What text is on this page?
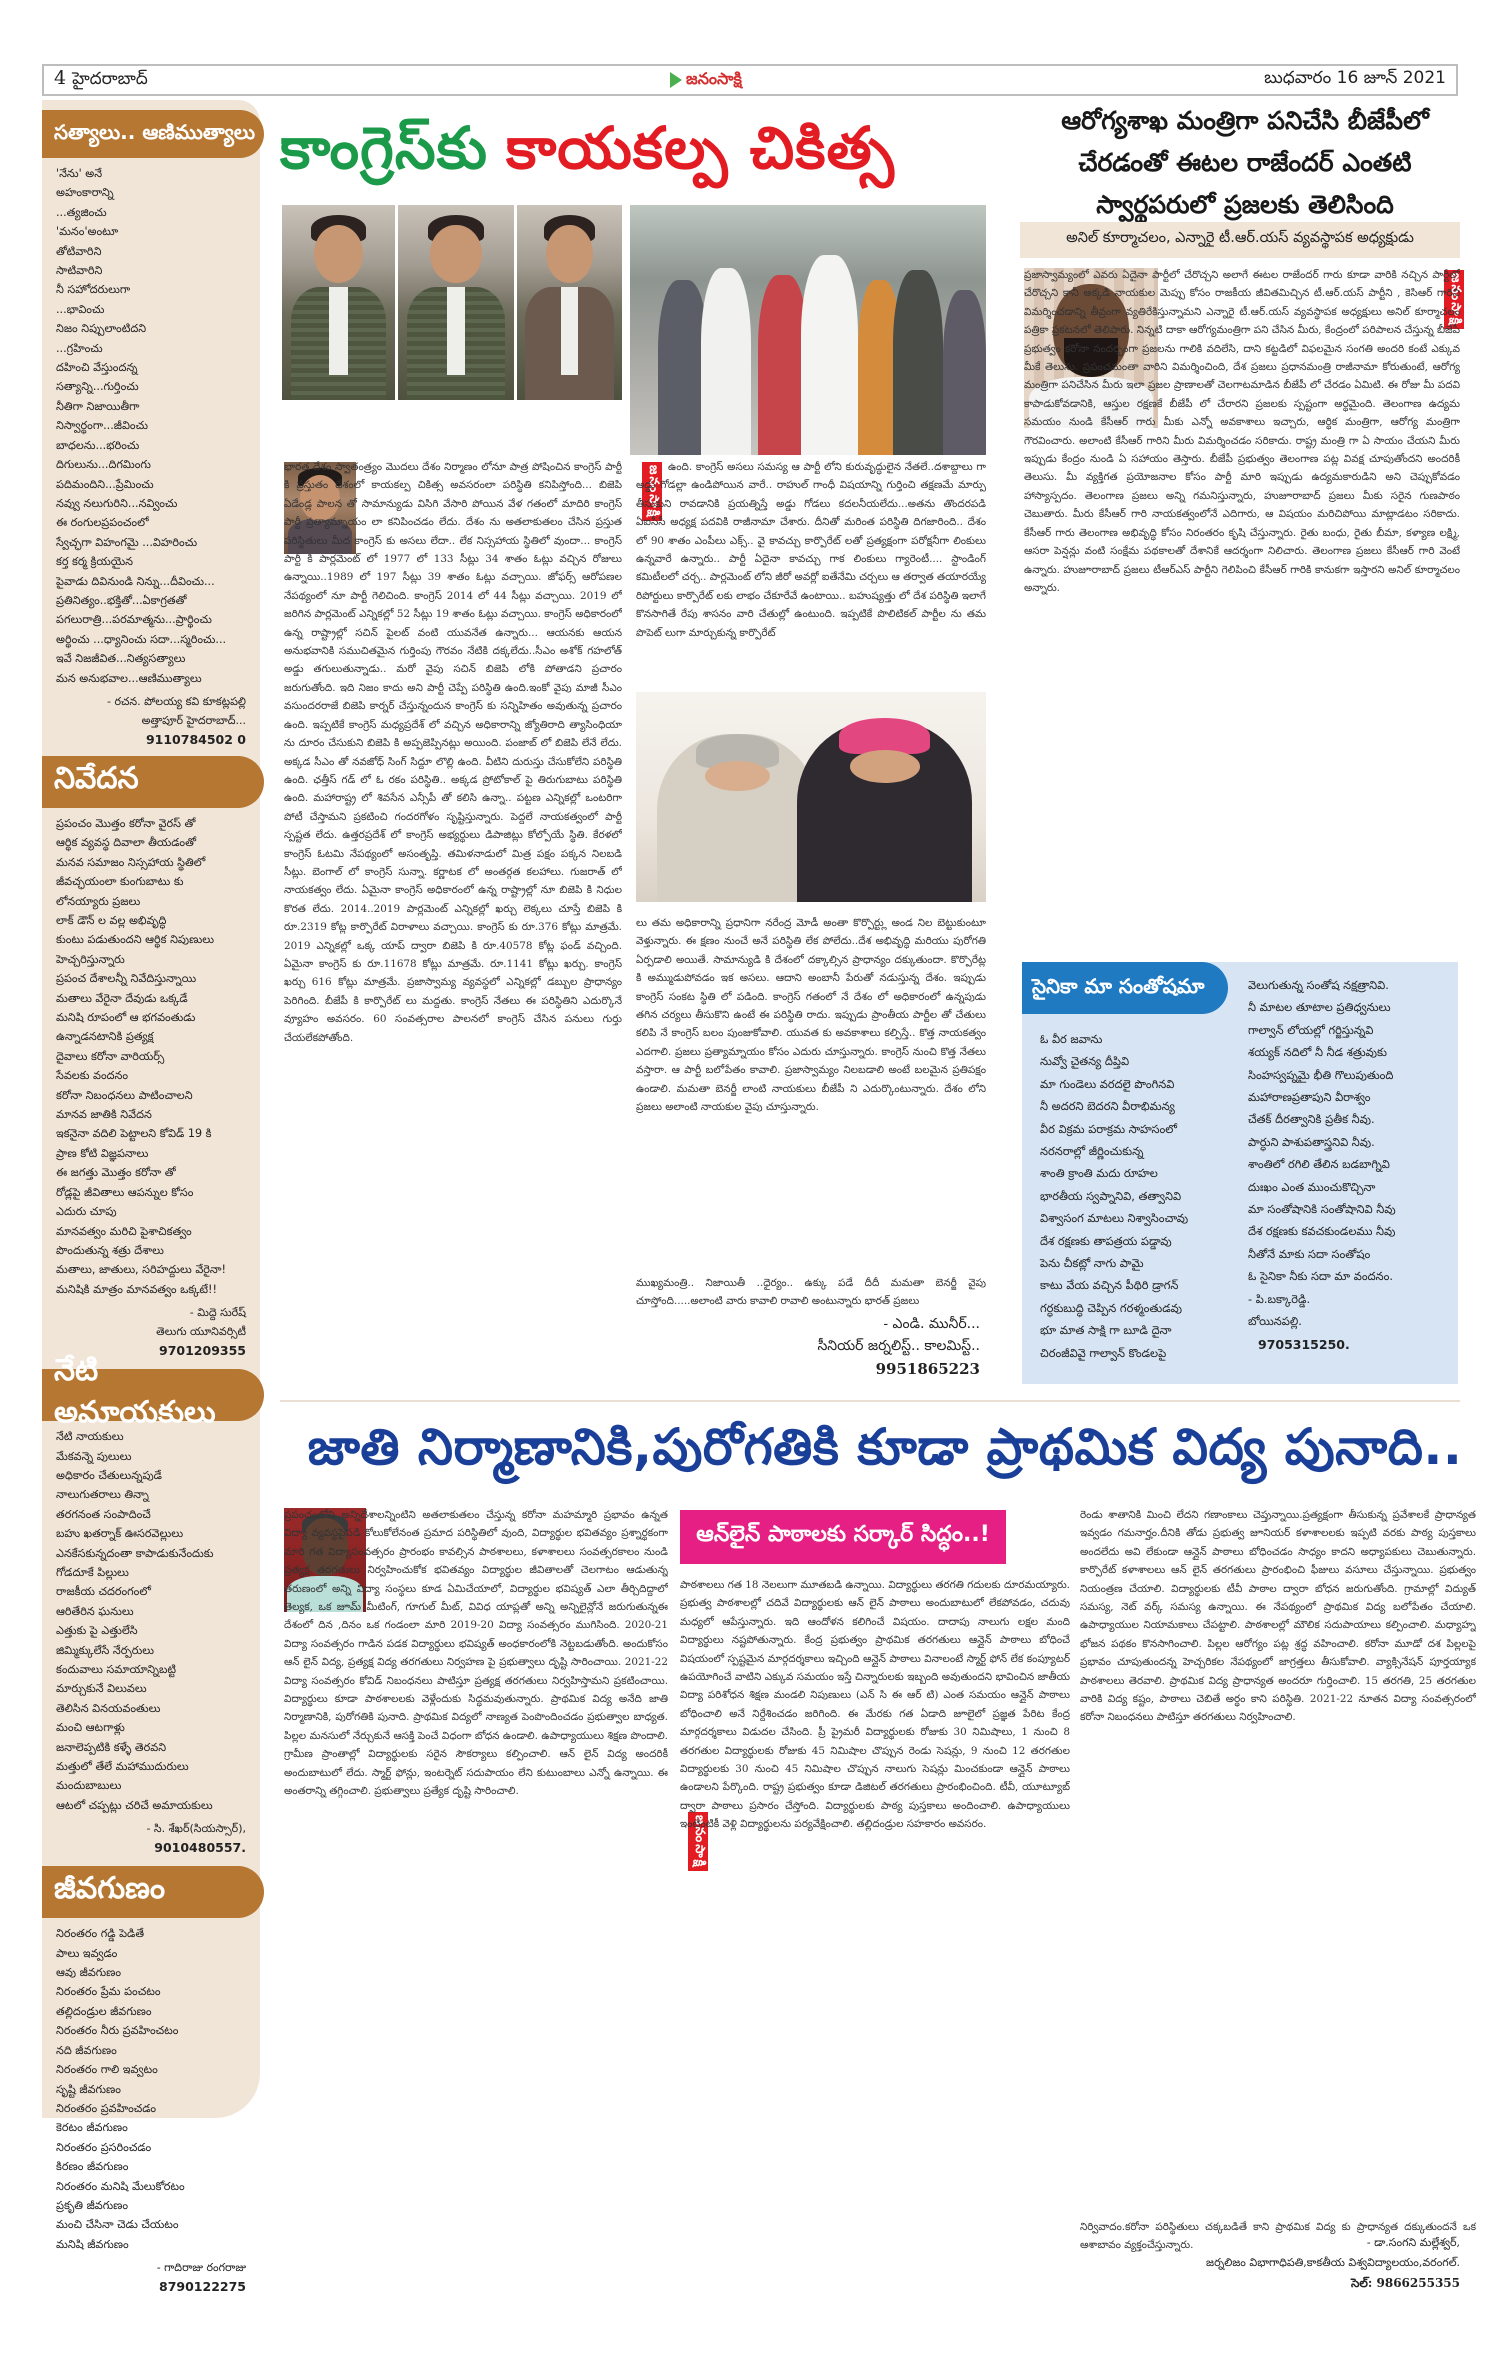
4 హైదరాబాద్	జనంసాక్షి	బుధవారం 16 జూన్ 2021
సత్యాలు.. ఆణిముత్యాలు
'నేను' అనే
అహంకారాన్ని
...త్యజించు
'మనం'అంటూ
తోటివారిని
సాటివారిని
నీ సహోదరులుగా
...భావించు
నిజం నిప్పులాంటిదని
...గ్రహించు
దహించి వేస్తుందన్న
సత్యాన్ని...గుర్తించు
నీతిగా నిజాయితీగా
నిస్వార్థంగా...జీవించు
బాధలను...భరించు
దిగులును...దిగమింగు
పదిమందిని...ప్రేమించు
నవ్వు నలుగురిని...నవ్వించు
ఈ రంగులప్రపంచంలో
స్వేచ్ఛగా విహంగమై ...విహరించు
కర్త కర్మ క్రియయైన
పైవాడు దివినుండి నిన్ను...దీవించు...
ప్రతినిత్యం..భక్తితో...ఏకాగ్రతతో
పగలురాత్రి...పరమాత్మను...ప్రార్థించు
అర్థించు ...ధ్యానించు సదా...స్మరించు...
ఇవే నిజజీవిత...నిత్యసత్యాలు
మన అనుభవాల...ఆణిముత్యాలు
- రచన. పోలయ్య కవి కూకట్లపల్లి
అత్తాపూర్ హైదరాబాద్...
9110784502 0
నివేదన
ప్రపంచం మొత్తం కరోనా వైరస్ తో
ఆర్థిక వ్యవస్థ దివాలా తీయడంతో
మనవ సమాజం నిస్సహాయ స్థితిలో
జీవచ్ఛయంలా కుంగుబాటు కు
లోనయ్యారు ప్రజలు
లాక్ డౌన్ ల వల్ల అభివృద్ధి
కుంటు పడుతుందని ఆర్థిక నిపుణులు
హెచ్చరిస్తున్నారు
ప్రపంచ దేశాలన్నీ నివేదిస్తున్నాయి
మతాలు వేరైనా దేవుడు ఒక్కడే
మనిషి రూపంలో ఆ భగవంతుడు
ఉన్నాడనటానికి ప్రత్యక్ష
దైవాలు కరోనా వారియర్స్
సేవలకు వందనం
కరోనా నిబంధనలు పాటించాలని
మానవ జాతికి నివేదన
ఇకనైనా వదిలి పెట్టాలని కోవిడ్ 19 కి
ప్రాణ కోటి విజ్ఞపనాలు
ఈ జగత్తు మొత్తం కరోనా తో
రోడ్లపై జీవితాలు ఆపన్నుల కోసం
ఎదురు చూపు
మానవత్వం మరిచి పైశాచికత్వం
పొందుతున్న శత్రు దేశాలు
మతాలు, జాతులు, సరిహద్దులు వేరైనా!
మనిషికి మాత్రం మానవత్వం ఒక్కటే!!
- మిద్దె సురేష్
తెలుగు యూనివర్సిటీ
9701209355
నేటి అమాయకులు
నేటి నాయకులు
మేకవన్నె పులులు
అధికారం చేతులున్నపుడే
నాలుగుతరాలు తిన్నా
తరగనంత సంపాదించే
బహు ఖతర్నాక్ ఊసరవెల్లులు
ఎనకేసకున్నదంతా కాపాడుకునేందుకు
గోడదూకే పిల్లులు
రాజకీయ చదరంగంలో
ఆరితేరిన ఘనులు
ఎత్తుకు పై ఎత్తులేసి
జిమ్మిక్కులేసే నేర్పరులు
కందువాలు సమాయాన్నిబట్టి
మార్చుకునే విలువలు
తెలిసిన వినయవంతులు
మంచి ఆటగాళ్లు
జనాలెప్పటికి కళ్ళే తెరవని
మత్తులో తేలే మహాముదురులు
మందుబాబులు
ఆటలో చప్పట్లు చరిచే అమాయకులు
- సి. శేఖర్(సియస్సార్),
9010480557.
జీవగుణం
నిరంతరం గడ్డి పెడితే
పాలు ఇవ్వడం
ఆవు జీవగుణం
నిరంతరం ప్రేమ పంచటం
తల్లిదండ్రుల జీవగుణం
నిరంతరం నీరు ప్రవహించటం
నది జీవగుణం
నిరంతరం గాలి ఇవ్వటం
సృష్టి జీవగుణం
నిరంతరం ప్రవహించడం
కెరటం జీవగుణం
నిరంతరం ప్రసరించడం
కిరణం జీవగుణం
నిరంతరం మనిషి మేలుకోరటం
ప్రకృతి జీవగుణం
మంచి చేసినా చెడు చేయటం
మనిషి జీవగుణం
- గాదిరాజు రంగరాజు
8790122275
కాంగ్రెస్‌కు కాయకల్ప చికిత్స
భారత దేశం స్వాతంత్ర్యం మొదలు దేశం నిర్మాణం లోనూ పాత్ర పోషించిన కాంగ్రెస్ పార్టీ కి ప్రస్తుతం దేశంలో కాయకల్ప చికిత్స అవసరంలా పరిస్థితి కనిపిస్తోంది... బిజెపి ఏడేండ్ల పాలన తో సామాన్యుడు విసిగి వేసారి పోయిన వేళ గతంలో మాదిరి కాంగ్రెస్ పార్టీ ప్రత్యామ్నాయం లా కనిపించడం లేదు. దేశం ను అతలాకుతలం చేసిన ప్రస్తుత పరిస్థితులు మీద కాంగ్రెస్ కు అసలు లేదా.. లేక నిస్సహాయ స్థితిలో వుందా... కాంగ్రెస్ పార్టీ కి పార్లమెంట్ లో 1977 లో 133 సీట్లు 34 శాతం ఓట్లు వచ్చిన రోజులు ఉన్నాయి..1989 లో 197 సీట్లు 39 శాతం ఓట్లు వచ్చాయి. జోఫర్స్ ఆరోపణల నేపథ్యంలో నూ పార్టీ గెలిచింది. కాంగ్రెస్ 2014 లో 44 సీట్లు వచ్చాయి. 2019 లో జరిగిన పార్లమెంట్ ఎన్నికల్లో 52 సీట్లు 19 శాతం ఓట్లు వచ్చాయి. కాంగ్రెస్ అధికారంలో ఉన్న రాష్ట్రాల్లో సచిన్ పైలట్ వంటి యువనేత ఉన్నారు... ఆయనకు ఆయన అనుభవానికి సముచితమైన గుర్తింపు గౌరవం నేటికి దక్కలేదు..సీఎం అశోక్ గహలోత్ అడ్డు తగులుతున్నాడు.. మరో వైపు సచిన్ బిజెపి లోకి పోతాడని ప్రచారం జరుగుతోంది. ఇది నిజం కాదు అని పార్టీ చెప్పే పరిస్థితి ఉంది.ఇంకో వైపు మాజీ సీఎం వసుందరరాజే బిజెపి కార్నర్ చేస్తున్నందున కాంగ్రెస్ కు సన్నిహితం అవుతున్న ప్రచారం ఉంది. ఇప్పటికే కాంగ్రెస్ మధ్యప్రదేశ్ లో వచ్చిన అధికారాన్ని జ్యోతిరాది త్యాసింధియా ను దూరం చేసుకుని బిజెపి కి అప్పజెప్పినట్లు అయింది. పంజాబ్ లో బిజెపి లేనే లేదు. అక్కడ సీఎం తో నవజోధ్ సింగ్ సిద్దూ లొల్లి ఉంది. వీటిని దురుస్తు చేసుకోలేని పరిస్థితి ఉంది. ఛత్తీస్ గడ్ లో ఓ రకం పరిస్థితి.. అక్కడ ప్రోటోకాల్ పై తిరుగుబాటు పరిస్థితి ఉంది. మహారాష్ట్ర లో శివసేన ఎన్సీపీ తో కలిసి ఉన్నా.. పట్టణ ఎన్నికల్లో ఒంటరిగా పోటీ చేస్తామని ప్రకటించి గందరగోళం సృష్టిస్తున్నారు. పెద్దలే నాయకత్వంలో పార్టీ స్పష్టత లేదు. ఉత్తరప్రదేశ్ లో కాంగ్రెస్ అభ్యర్థులు డిపాజిట్లు కోల్పోయే స్థితి. కేరళలో కాంగ్రెస్ ఓటమి నేపథ్యంలో అసంతృప్తి. తమిళనాడులో మిత్ర పక్షం పక్కన నిలబడి సీట్లు. బెంగాల్ లో కాంగ్రెస్ సున్నా. కర్ణాటక లో అంతర్గత కలహాలు. గుజరాత్ లో నాయకత్వం లేదు. ఏమైనా కాంగ్రెస్ అధికారంలో ఉన్న రాష్ట్రాల్లో నూ బిజెపి కి నిధుల కొరత లేదు. 2014..2019 పార్లమెంట్ ఎన్నికల్లో ఖర్చు లెక్కలు చూస్తే బిజెపి కి రూ.2319 కోట్ల కార్పొరేట్ విరాళాలు వచ్చాయి. కాంగ్రెస్ కు రూ.376 కోట్లు మాత్రమే. 2019 ఎన్నికల్లో ఒక్క యాప్ ద్వారా బిజెపి కి రూ.40578 కోట్ల ఫండ్ వచ్చింది. ఏమైనా కాంగ్రెస్ కు రూ.11678 కోట్లు మాత్రమే. రూ.1141 కోట్లు ఖర్చు. కాంగ్రెస్ ఖర్చు 616 కోట్లు మాత్రమే. ప్రజాస్వామ్య వ్యవస్థలో ఎన్నికల్లో డబ్బుల ప్రాధాన్యం పెరిగింది. బీజేపీ కి కార్పొరేట్ లు మద్దతు. కాంగ్రెస్ నేతలు ఈ పరిస్థితిని ఎదుర్కొనే వ్యూహం అవసరం. 60 సంవత్సరాల పాలనలో కాంగ్రెస్ చేసిన పనులు గుర్తు చేయలేకపోతోంది.
జనంసాక్షి ఉంది. కాంగ్రెస్ అసలు సమస్య ఆ పార్టీ లోని కురువృద్ధులైన నేతలే..దశాబ్దాలు గా అడ్డు గోడల్లా ఉండిపోయిన వారే.. రాహుల్ గాంధీ విషయాన్ని గుర్తించి తక్షణమే మార్పు తీసుకుని రావడానికి ప్రయత్నిస్తే అడ్డు గోడలు కదలనీయలేదు...అతను తొందరపడి ఏఐసీసీ అధ్యక్ష పదవికి రాజీనామా చేశారు. దీనితో మరింత పరిస్థితి దిగజారింది.. దేశం లో 90 శాతం ఎంపీలు ఎక్స్.. వై కావచ్చు కార్పొరేట్ లతో ప్రత్యక్షంగా పరోక్షనీగా లింకులు ఉన్నవారే ఉన్నారు.. పార్టీ ఏదైనా కావచ్చు గాక లింకులు గ్యారెంటీ.... స్టాండింగ్ కమిటీలలో చర్చ.. పార్లమెంట్ లోని జీరో అవర్లో ఐతేనేమి చర్చలు ఆ తర్వాత తయారయ్యే రిపోర్టులు కార్పొరేట్ లకు లాభం చేకూరేవే ఉంటాయి.. బహుష్యత్తు లో దేశ పరిస్థితి ఇలాగే కొనసాగితే రేపు శాసనం వారి చేతుల్లో ఉంటుంది. ఇప్పటికే పొలిటికల్ పార్టీల ను తమ పొపెట్ లుగా మార్చుకున్న కార్పొరేట్
లు తమ అధికారాన్ని ప్రధానిగా నరేంద్ర మోడీ అంతా కొర్పొర్ట్లు అండ నిల బెట్టుకుంటూ వెళ్తున్నారు. ఈ క్షణం నుంచే అనే పరిస్థితి లేక పోలేదు..దేశ అభివృద్ధి మరియు పురోగతి ఏర్పడాలి అయితే. సామాన్యుడి కి దేశంలో దక్కాల్సిన ప్రాధాన్యం దక్కుతుందా. కొర్పొరేట్ల కి అమ్ముడుపోవడం ఇక అసలు. ఆదాని అంబానీ పేరుతో నడుస్తున్న దేశం. ఇప్పుడు కాంగ్రెస్ సంకట స్థితి లో పడింది. కాంగ్రెస్ గతంలో నే దేశం లో అధికారంలో ఉన్నపుడు తగిన చర్యలు తీసుకొని ఉంటే ఈ పరిస్థితి రాదు. ఇప్పుడు ప్రాంతీయ పార్టీల తో చేతులు కలిపి నే కాంగ్రెస్ బలం పుంజుకోవాలి. యువత కు అవకాశాలు కల్పిస్తే.. కొత్త నాయకత్వం ఎదగాలి. ప్రజలు ప్రత్యామ్నాయం కోసం ఎదురు చూస్తున్నారు. కాంగ్రెస్ నుంచి కొత్త నేతలు వస్తారా. ఆ పార్టీ బలోపేతం కావాలి. ప్రజాస్వామ్యం నిలబడాలి అంటే బలమైన ప్రతిపక్షం ఉండాలి. మమతా బెనర్జీ లాంటి నాయకులు బీజేపీ ని ఎదుర్కొంటున్నారు. దేశం లోని ప్రజలు అలాంటి నాయకుల వైపు చూస్తున్నారు.
ముఖ్యమంత్రి.. నిజాయితీ ..ధైర్యం.. ఉక్కు పడే దీదీ మమతా బెనర్జీ వైపు చూస్తోంది.....అలాంటి వారు కావాలి రావాలి అంటున్నారు భారత్ ప్రజలు
- ఎండి. మునీర్...
సీనియర్ జర్నలిస్ట్.. కాలమిస్ట్..
9951865223
ఆరోగ్యశాఖ మంత్రిగా పనిచేసి బీజేపీలో చేరడంతో ఈటల రాజేందర్ ఎంతటి స్వార్థపరులో ప్రజలకు తెలిసింది
అనిల్ కూర్మాచలం, ఎన్నారై టీ.ఆర్.యస్ వ్యవస్థాపక అధ్యక్షుడు
జనంసాక్షి
ప్రజాస్వామ్యంలో ఎవరు ఏదైనా పార్టీలో చేరొచ్చని అలాగే ఈటల రాజేందర్ గారు కూడా వారికి నచ్చిన పార్టీలో చేరొచ్చని కానీ అక్కడి నాయకుల మెప్పు కోసం రాజకీయ జీవితమిచ్చిన టీ.ఆర్.యస్ పార్టీని , కెసిఆర్ గారిని విమర్శించడాన్ని తీవ్రంగా వ్యతిరేకిస్తున్నామని ఎన్నారై టీ.ఆర్.యస్ వ్యవస్థాపక అధ్యక్షులు అనిల్ కూర్మాచలం పత్రికా ప్రకటనలో తెలిపారు. నిన్నటి దాకా ఆరోగ్యమంత్రిగా పని చేసిన మీరు, కేంద్రంలో పరిపాలన చేస్తున్న బీజేపీ ప్రభుత్వం కరోనా సందర్భంగా ప్రజలను గాలికి వదిలేసి, దాని కట్టడిలో విఫలమైన సంగతి అందరి కంటే ఎక్కువ మీకే తెలుసు. ప్రపంచమంతా వారిని విమర్శించింది, దేశ ప్రజలు ప్రధానమంత్రి రాజీనామా కోరుతుంటే, ఆరోగ్య మంత్రిగా పనిచేసిన మీరు ఇలా ప్రజల ప్రాణాలతో చెలగాటమాడిన బీజేపీ లో చేరడం ఏమిటి. ఈ రోజు మీ పదవి కాపాడుకోవడానికి, ఆస్తుల రక్షణకే బీజేపీ లో చేరారని ప్రజలకు స్పష్టంగా అర్థమైంది. తెలంగాణ ఉద్యమ సమయం నుండి కేసీఆర్ గారు మీకు ఎన్నో అవకాశాలు ఇచ్చారు, ఆర్థిక మంత్రిగా, ఆరోగ్య మంత్రిగా గౌరవించారు. అలాంటి కేసీఆర్ గారిని మీరు విమర్శించడం సరికాదు. రాష్ట్ర మంత్రి గా ఏ సాయం చేయని మీరు ఇప్పుడు కేంద్రం నుండి ఏ సహాయం తెస్తారు. బీజేపీ ప్రభుత్వం తెలంగాణ పట్ల వివక్ష చూపుతోందని అందరికీ తెలుసు. మీ వ్యక్తిగత ప్రయోజనాల కోసం పార్టీ మారి ఇప్పుడు ఉద్యమకారుడిని అని చెప్పుకోవడం హాస్యాస్పదం. తెలంగాణ ప్రజలు అన్ని గమనిస్తున్నారు, హుజూరాబాద్ ప్రజలు మీకు సరైన గుణపాఠం చెబుతారు. మీరు కేసీఆర్ గారి నాయకత్వంలోనే ఎదిగారు, ఆ విషయం మరిచిపోయి మాట్లాడటం సరికాదు. కేసీఆర్ గారు తెలంగాణ అభివృద్ధి కోసం నిరంతరం కృషి చేస్తున్నారు. రైతు బంధు, రైతు బీమా, కళ్యాణ లక్ష్మి, ఆసరా పెన్షన్లు వంటి సంక్షేమ పథకాలతో దేశానికే ఆదర్శంగా నిలిచారు. తెలంగాణ ప్రజలు కేసీఆర్ గారి వెంటే ఉన్నారు. హుజూరాబాద్ ప్రజలు టీఆర్ఎస్ పార్టీని గెలిపించి కేసీఆర్ గారికి కానుకగా ఇస్తారని అనిల్ కూర్మాచలం అన్నారు.
సైనికా మా సంతోషమా
ఓ వీర జవాను
నువ్వో చైతన్య దీప్తివి
మా గుండెలు వరదలై పొంగినవి
నీ అదరని బెదరని వీరాభిమన్య
వీర విక్రమ పరాక్రమ సాహసంలో
నరనరాల్లో జీర్ణించుకున్న
శాంతి క్రాంతి మదు రూహల
భారతీయ స్వప్నానివి, తత్వానివి
విశ్వాసంగ మాటలు నిశ్వాసించావు
దేశ రక్షణకు తాపత్రయ పడ్డావు
పెను చీకట్లో నాగు పామై
కాటు వేయ వచ్చిన పీథిరి డ్రాగన్
గర్ధకుబుద్ధి చెప్పిన గరళ్మంతుడవు
భూ మాత సాక్షి గా బూడి దైనా
చిరంజీవివై గాల్వాన్ కొండలపై
వెలుగుతున్న సంతోష నక్షత్రానివి.
నీ మాటల తూటాల ప్రతిధ్వనులు
గాల్వాన్ లోయల్లో గర్జిస్తున్నవి
శయ్యక్ నదిలో నీ నీడ శత్రువుకు
సింహస్వప్నమై భీతి గొలుపుతుంది
మహారాణప్రతాపుని వీరాశ్వం
చేతక్ దీరత్వానికి ప్రతీక నీవు.
పార్ధుని పాశుపతాస్త్రనివి నీవు.
శాంతిలో రగిలి తేలిన బడబాగ్నివి
దుఃఖం ఎంత ముంచుకొచ్చినా
మా సంతోషానికి సంతోషానివి నీవు
దేశ రక్షణకు కవచకుండలము నీవు
నీతోనే మాకు సదా సంతోషం
ఓ సైనికా నీకు సదా మా వందనం.
- పి.బక్కారెడ్డి.
బోయినపల్లి.
9705315250.
జాతి నిర్మాణానికి,పురోగతికి కూడా ప్రాథమిక విద్య పునాది..
ప్రపంచంలోని అన్నిదేశాలన్నింటిని అతలాకుతలం చేస్తున్న కరోనా మహమ్మారి ప్రభావం ఉన్నత విద్యా వ్యవస్థపైపడి కోలుకోలేనంత ప్రమాద పరిస్థితిలో వుంది, విద్యార్థుల భవితవ్యం ప్రశ్నార్థకంగా మారి గత విద్యాసంవత్సరం ప్రారంభం కావల్సిన పాఠశాలలు, కళాశాలలు సంవత్సరకాలం నుండి ప్రత్యక్ష తరగతులు నిర్వహించుకోక భవితవ్యం విద్యార్థుల జీవితాలతో చెలగాటం ఆడుతున్న తరుణంలో అన్ని విద్యా సంస్థలు కూడ ఏమిచేయాలో, విద్యార్థుల భవిష్యత్ ఎలా తీర్చిదిద్దాలో తెల్యక, ఒక జూమ్ మీటింగ్, గూగుల్ మీట్, వివిధ యాప్లతో అన్ని అన్నిలైన్లోనే జరుగుతున్నఈ దేశంలో దిన ,దినం ఒక గండంలా మారి 2019-20 విద్యా సంవత్సరం ముగిసింది. 2020-21 విద్యా సంవత్సరం గాడిన పడక విద్యార్థులు భవిష్యత్ అంధకారంలోకి నెట్టబడుతోంది. అందుకోసం ఆన్ లైన్ విద్య, ప్రత్యక్ష విద్య తరగతులు నిర్వహణ పై ప్రభుత్వాలు దృష్టి సారించాయి. 2021-22 విద్యా సంవత్సరం కోవిడ్ నిబంధనలు పాటిస్తూ ప్రత్యక్ష తరగతులు నిర్వహిస్తామని ప్రకటించాయి. విద్యార్థులు కూడా పాఠశాలలకు వెళ్లేందుకు సిద్ధమవుతున్నారు. ప్రాథమిక విద్య అనేది జాతి నిర్మాణానికి, పురోగతికి పునాది. ప్రాథమిక విద్యలో నాణ్యత పెంపొందించడం ప్రభుత్వాల బాధ్యత. పిల్లల మనసులో నేర్చుకునే ఆసక్తి పెంచే విధంగా బోధన ఉండాలి. ఉపాధ్యాయులు శిక్షణ పొందాలి. గ్రామీణ ప్రాంతాల్లో విద్యార్థులకు సరైన సౌకర్యాలు కల్పించాలి. ఆన్ లైన్ విద్య అందరికీ అందుబాటులో లేదు. స్మార్ట్ ఫోన్లు, ఇంటర్నెట్ సదుపాయం లేని కుటుంబాలు ఎన్నో ఉన్నాయి. ఈ అంతరాన్ని తగ్గించాలి. ప్రభుత్వాలు ప్రత్యేక దృష్టి సారించాలి.
ఆన్‌లైన్ పాఠాలకు సర్కార్ సిద్ధం..!
జనంసాక్షి
పాఠశాలలు గత 18 నెలలుగా మూతబడి ఉన్నాయి. విద్యార్థులు తరగతి గదులకు దూరమయ్యారు. ప్రభుత్వ పాఠశాలల్లో చదివే విద్యార్థులకు ఆన్ లైన్ పాఠాలు అందుబాటులో లేకపోవడం, చదువు మధ్యలో ఆపేస్తున్నారు. ఇది ఆందోళన కలిగించే విషయం. దాదాపు నాలుగు లక్షల మంది విద్యార్థులు నష్టపోతున్నారు. కేంద్ర ప్రభుత్వం ప్రాథమిక తరగతులు ఆన్లైన్ పాఠాలు బోధించే విషయంలో స్పష్టమైన మార్గదర్శకాలు ఇచ్చింది ఆన్లైన్ పాఠాలు వినాలంటే స్మార్ట్ ఫోన్ లేక కంప్యూటర్ ఉపయోగించే వాటిని ఎక్కువ సమయం ఇస్తే చిన్నారులకు ఇబ్బంది అవుతుందని భావించిన జాతీయ విద్యా పరిశోధన శిక్షణ మండలి నిపుణులు (ఎన్ సి ఈ ఆర్ టి) ఎంత సమయం ఆన్లైన్ పాఠాలు బోధించాలి అనే నిర్దేశించడం జరిగింది. ఈ మేరకు గత ఏడాది జూలైలో ప్రజ్ఞత పేరిట కేంద్ర మార్గదర్శకాలు విడుదల చేసింది. ప్రీ ప్రైమరీ విద్యార్థులకు రోజుకు 30 నిమిషాలు, 1 నుంచి 8 తరగతుల విద్యార్థులకు రోజుకు 45 నిమిషాల చొప్పున రెండు సెషన్లు, 9 నుంచి 12 తరగతుల విద్యార్థులకు 30 నుంచి 45 నిమిషాల చొప్పున నాలుగు సెషన్లు మించకుండా ఆన్లైన్ పాఠాలు ఉండాలని పేర్కొంది. రాష్ట్ర ప్రభుత్వం కూడా డిజిటల్ తరగతులు ప్రారంభించింది. టీవీ, యూట్యూబ్ ద్వారా పాఠాలు ప్రసారం చేస్తోంది. విద్యార్థులకు పాఠ్య పుస్తకాలు అందించాలి. ఉపాధ్యాయులు ఇంటింటికీ వెళ్లి విద్యార్థులను పర్యవేక్షించాలి. తల్లిదండ్రుల సహకారం అవసరం.
రెండు శాతానికి మించి లేదని గణాంకాలు చెప్తున్నాయి.ప్రత్యక్షంగా తీసుకున్న ప్రవేశాలకే ప్రాధాన్యత ఇవ్వడం గమనార్హం.దీనికి తోడు ప్రభుత్వ జూనియర్ కళాశాలలకు ఇప్పటి వరకు పాఠ్య పుస్తకాలు అందలేదు అవి లేకుండా ఆన్లైన్ పాఠాలు బోధించడం సాధ్యం కాదని అధ్యాపకులు చెబుతున్నారు. కార్పొరేట్ కళాశాలలు ఆన్ లైన్ తరగతులు ప్రారంభించి ఫీజులు వసూలు చేస్తున్నాయి. ప్రభుత్వం నియంత్రణ చేయాలి. విద్యార్థులకు టీవీ పాఠాల ద్వారా బోధన జరుగుతోంది. గ్రామాల్లో విద్యుత్ సమస్య, నెట్ వర్క్ సమస్య ఉన్నాయి. ఈ నేపథ్యంలో ప్రాథమిక విద్య బలోపేతం చేయాలి. ఉపాధ్యాయుల నియామకాలు చేపట్టాలి. పాఠశాలల్లో మౌలిక సదుపాయాలు కల్పించాలి. మధ్యాహ్న భోజన పథకం కొనసాగించాలి. పిల్లల ఆరోగ్యం పట్ల శ్రద్ధ వహించాలి. కరోనా మూడో దశ పిల్లలపై ప్రభావం చూపుతుందన్న హెచ్చరికల నేపథ్యంలో జాగ్రత్తలు తీసుకోవాలి. వ్యాక్సినేషన్ పూర్తయ్యాక పాఠశాలలు తెరవాలి. ప్రాథమిక విద్య ప్రాధాన్యత అందరూ గుర్తించాలి. 15 తరగతి, 25 తరగతుల వారికి విద్య కష్టం, పాఠాలు చెబితే అర్థం కాని పరిస్థితి. 2021-22 నూతన విద్యా సంవత్సరంలో కరోనా నిబంధనలు పాటిస్తూ తరగతులు నిర్వహించాలి.
నిర్వివాదం.కరోనా పరిస్థితులు చక్కబడితే కాని ప్రాథమిక విద్య కు ప్రాధాన్యత దక్కుతుందనే ఒక ఆశాబావం వ్యక్తంచేస్తున్నారు.	- డా.సంగని మల్లేశ్వర్,
జర్నలిజం విభాగాధిపతి,కాకతీయ విశ్వవిద్యాలయం,వరంగల్.
సెల్: 9866255355
